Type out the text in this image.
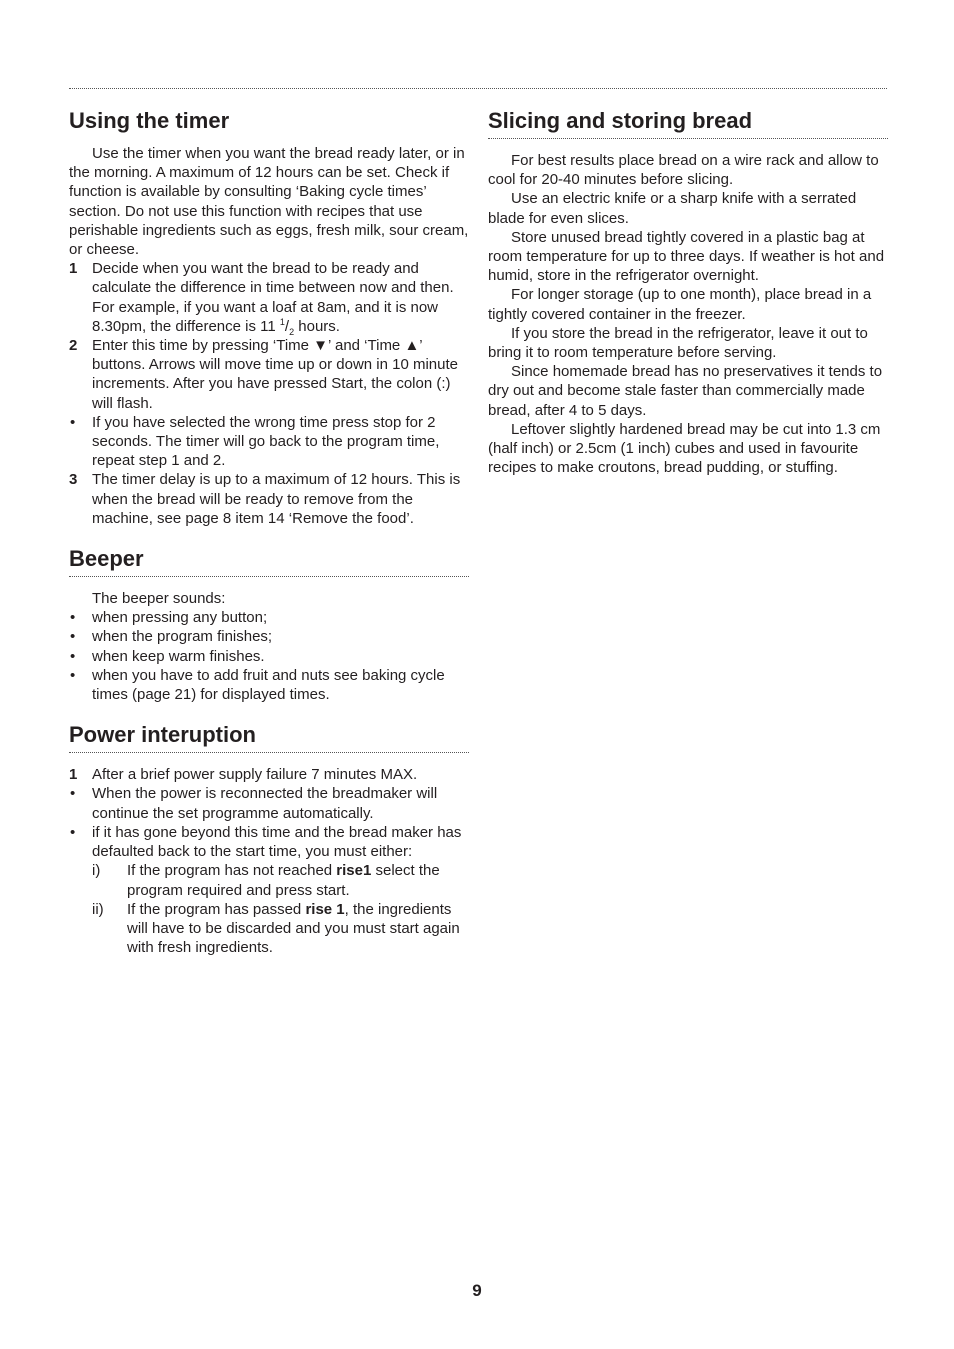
Using the timer

Use the timer when you want the bread ready later, or in the morning. A maximum of 12 hours can be set. Check if function is available by consulting ‘Baking cycle times’ section. Do not use this function with recipes that use perishable ingredients such as eggs, fresh milk, sour cream, or cheese.

1 Decide when you want the bread to be ready and calculate the difference in time between now and then. For example, if you want a loaf at 8am, and it is now 8.30pm, the difference is 11 $^1/_2$ hours.
2 Enter this time by pressing ‘Time ▼’ and ‘Time ▲’ buttons. Arrows will move time up or down in 10 minute increments. After you have pressed Start, the colon (:) will flash.
• If you have selected the wrong time press stop for 2 seconds. The timer will go back to the program time, repeat step 1 and 2.
3 The timer delay is up to a maximum of 12 hours. This is when the bread will be ready to remove from the machine, see page 8 item 14 ‘Remove the food’.
Beeper

The beeper sounds:

• when pressing any button;
• when the program finishes;
• when keep warm finishes.
• when you have to add fruit and nuts see baking cycle times (page 21) for displayed times.
Power interuption
1 After a brief power supply failure 7 minutes MAX.
• When the power is reconnected the breadmaker will continue the set programme automatically.
• if it has gone beyond this time and the bread maker has defaulted back to the start time, you must either:
i) If the program has not reached rise1 select the program required and press start.
ii) If the program has passed rise 1, the ingredients will have to be discarded and you must start again with fresh ingredients.
Slicing and storing bread

For best results place bread on a wire rack and allow to cool for 20-40 minutes before slicing.

Use an electric knife or a sharp knife with a serrated blade for even slices.

Store unused bread tightly covered in a plastic bag at room temperature for up to three days. If weather is hot and humid, store in the refrigerator overnight.

For longer storage (up to one month), place bread in a tightly covered container in the freezer.

If you store the bread in the refrigerator, leave it out to bring it to room temperature before serving.

Since homemade bread has no preservatives it tends to dry out and become stale faster than commercially made bread, after 4 to 5 days.

Leftover slightly hardened bread may be cut into 1.3 cm (half inch) or 2.5cm (1 inch) cubes and used in favourite recipes to make croutons, bread pudding, or stuffing.

9
